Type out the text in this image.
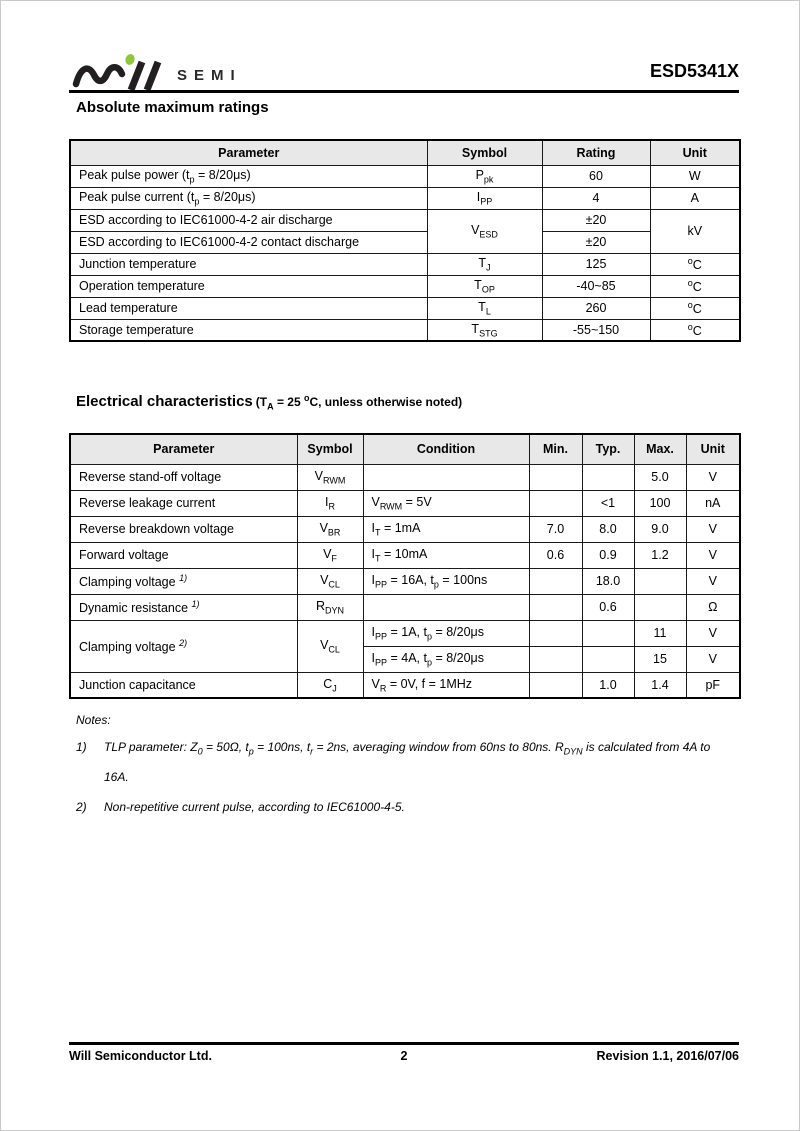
SEMI	ESD5341X
Absolute maximum ratings
Parameter	Symbol	Rating	Unit
Peak pulse power $(t_p = 8/20\mu s)$	$P_{pk}$	60	W
Peak pulse current $(t_p = 8/20\mu s)$	$I_{PP}$	4	A
ESD according to IEC61000-4-2 air discharge	$V_{ESD}$	±20	kV
ESD according to IEC61000-4-2 contact discharge		±20	
Junction temperature	$T_J$	125	$^o$C
Operation temperature	$T_{OP}$	-40~85	$^o$C
Lead temperature	$T_L$	260	$^o$C
Storage temperature	$T_{STG}$	-55~150	$^o$C
Electrical characteristics ($T_A = 25$ $^o$C, unless otherwise noted)
Parameter	Symbol	Condition	Min.	Typ.	Max.	Unit
Reverse stand-off voltage	$V_{RWM}$				5.0	V
Reverse leakage current	$I_R$	$V_{RWM} = 5V$		<1	100	nA
Reverse breakdown voltage	$V_{BR}$	$I_T = 1mA$	7.0	8.0	9.0	V
Forward voltage	$V_F$	$I_T = 10mA$	0.6	0.9	1.2	V
Clamping voltage $^{1)}$	$V_{CL}$	$I_{PP} = 16A$, $t_p = 100ns$		18.0		V
Dynamic resistance $^{1)}$	$R_{DYN}$			0.6		Ω
Clamping voltage $^{2)}$	$V_{CL}$	$I_{PP} = 1A$, $t_p = 8/20\mu s$			11	V
		$I_{PP} = 4A$, $t_p = 8/20\mu s$			15	V
Junction capacitance	$C_J$	$V_R = 0V$, f = 1MHz		1.0	1.4	pF
Notes:
1)	TLP parameter: $Z_0 = 50\Omega$, $t_p = 100ns$, $t_r = 2ns$, averaging window from 60ns to 80ns. $R_{DYN}$ is calculated from 4A to 16A.
2)	Non-repetitive current pulse, according to IEC61000-4-5.
Will Semiconductor Ltd.	2	Revision 1.1, 2016/07/06
